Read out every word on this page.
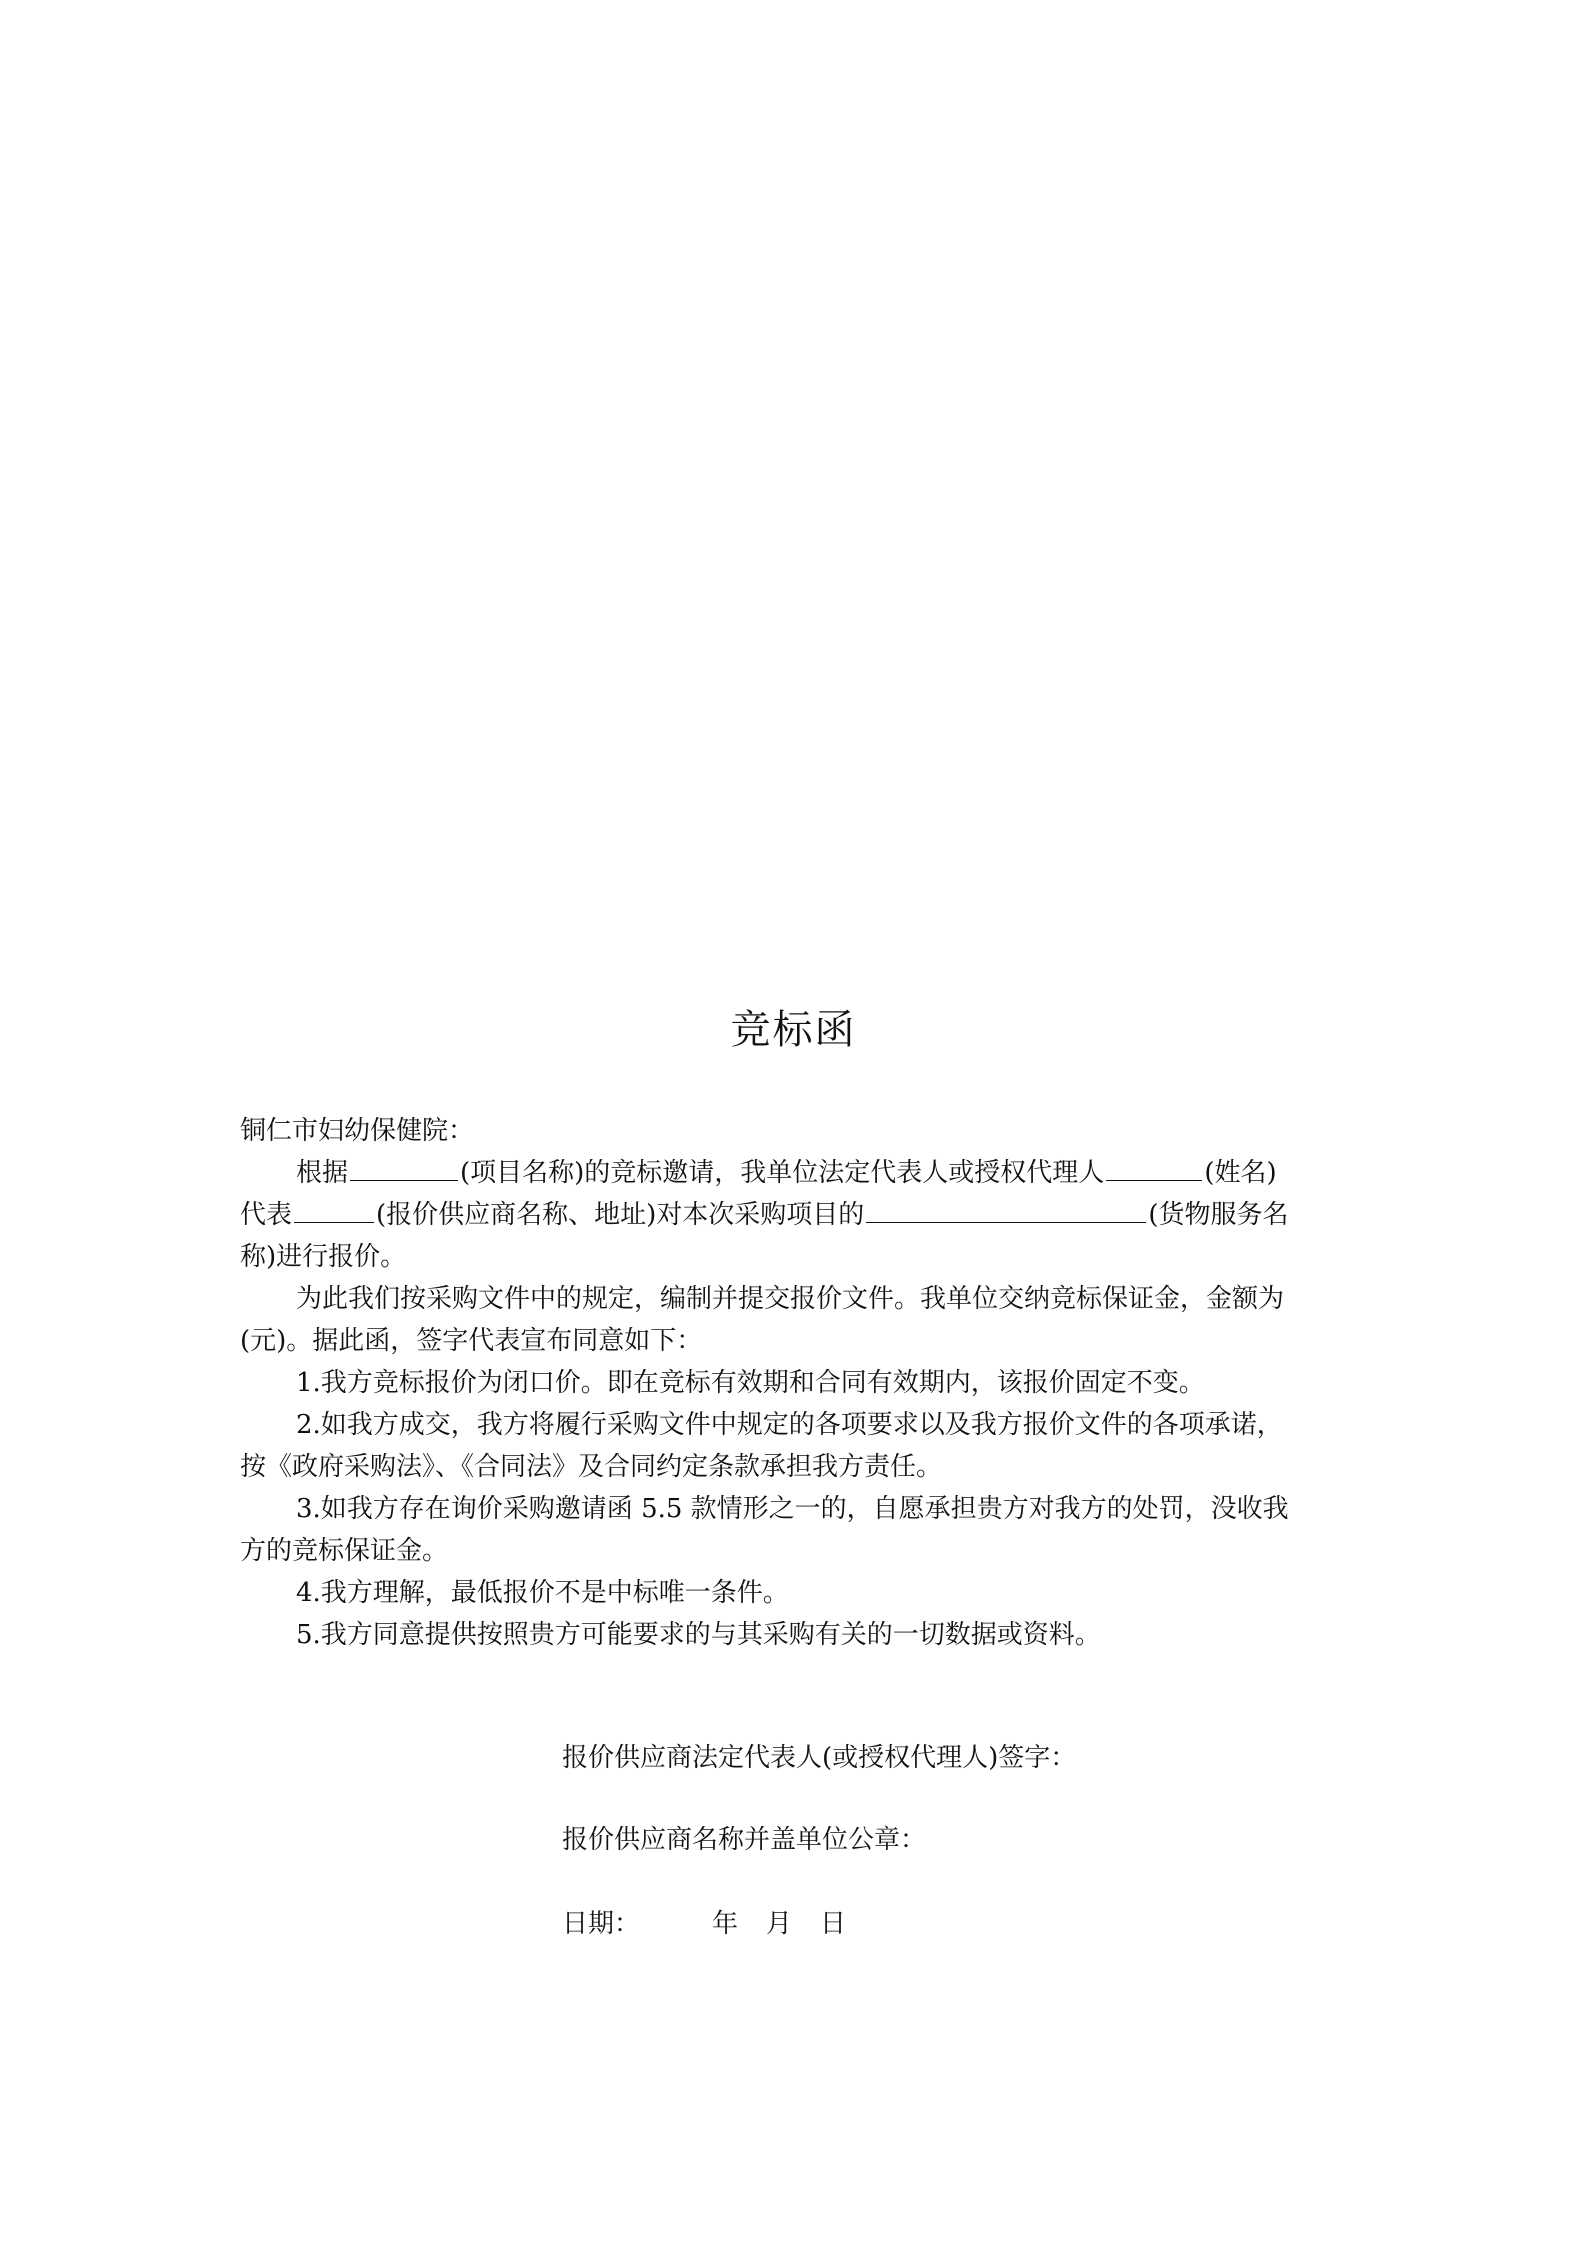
竞标函
铜仁市妇幼保健院：
根据	(项目名称)的竞标邀请，我单位法定代表人或授权代理人	(姓名)
代表	(报价供应商名称、地址)对本次采购项目的	(货物服务名
称)进行报价。
为此我们按采购文件中的规定，编制并提交报价文件。我单位交纳竞标保证金，金额为
(元)。据此函，签字代表宣布同意如下：
1.我方竞标报价为闭口价。即在竞标有效期和合同有效期内，该报价固定不变。
2.如我方成交，我方将履行采购文件中规定的各项要求以及我方报价文件的各项承诺，
按《政府采购法》、《合同法》及合同约定条款承担我方责任。
3.如我方存在询价采购邀请函 5.5 款情形之一的，自愿承担贵方对我方的处罚，没收我
方的竞标保证金。
4.我方理解，最低报价不是中标唯一条件。
5.我方同意提供按照贵方可能要求的与其采购有关的一切数据或资料。
报价供应商法定代表人(或授权代理人)签字：
报价供应商名称并盖单位公章：
日期：	年 月 日
